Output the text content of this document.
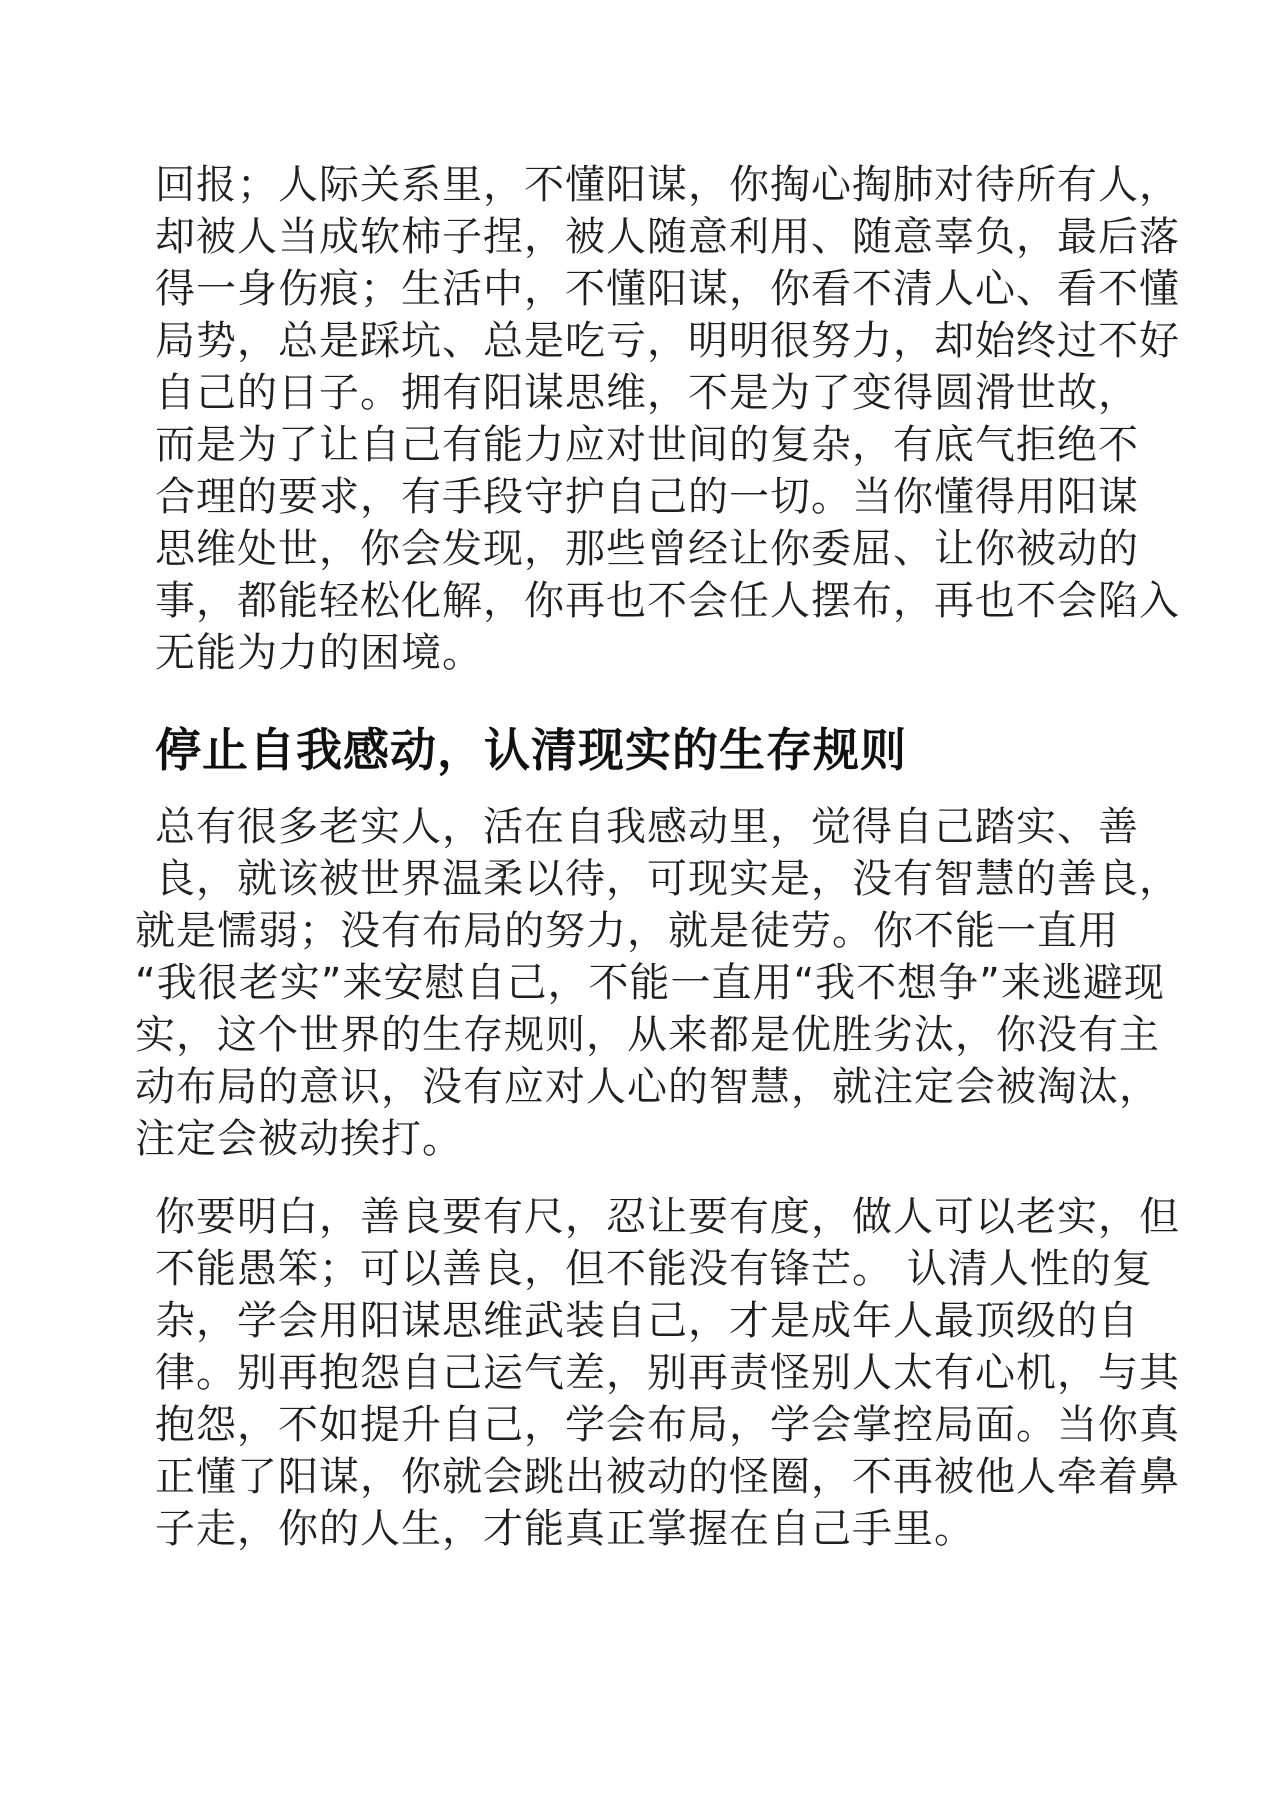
回报；人际关系里，不懂阳谋，你掏心掏肺对待所有人，
却被人当成软柿子捏，被人随意利用、随意辜负，最后落
得一身伤痕；生活中，不懂阳谋，你看不清人心、看不懂
局势，总是踩坑、总是吃亏，明明很努力，却始终过不好
自己的日子。拥有阳谋思维，不是为了变得圆滑世故，
而是为了让自己有能力应对世间的复杂，有底气拒绝不
合理的要求，有手段守护自己的一切。当你懂得用阳谋
思维处世，你会发现，那些曾经让你委屈、让你被动的
事，都能轻松化解，你再也不会任人摆布，再也不会陷入
无能为力的困境。
停止自我感动，认清现实的生存规则
总有很多老实人，活在自我感动里，觉得自己踏实、善
良，就该被世界温柔以待，可现实是，没有智慧的善良，
就是懦弱；没有布局的努力，就是徒劳。你不能一直用
“我很老实”来安慰自己，不能一直用“我不想争”来逃避现
实，这个世界的生存规则，从来都是优胜劣汰，你没有主
动布局的意识，没有应对人心的智慧，就注定会被淘汰，
注定会被动挨打。
你要明白，善良要有尺，忍让要有度，做人可以老实，但
不能愚笨；可以善良，但不能没有锋芒。 认清人性的复
杂，学会用阳谋思维武装自己，才是成年人最顶级的自
律。别再抱怨自己运气差，别再责怪别人太有心机，与其
抱怨，不如提升自己，学会布局，学会掌控局面。当你真
正懂了阳谋，你就会跳出被动的怪圈，不再被他人牵着鼻
子走，你的人生，才能真正掌握在自己手里。
